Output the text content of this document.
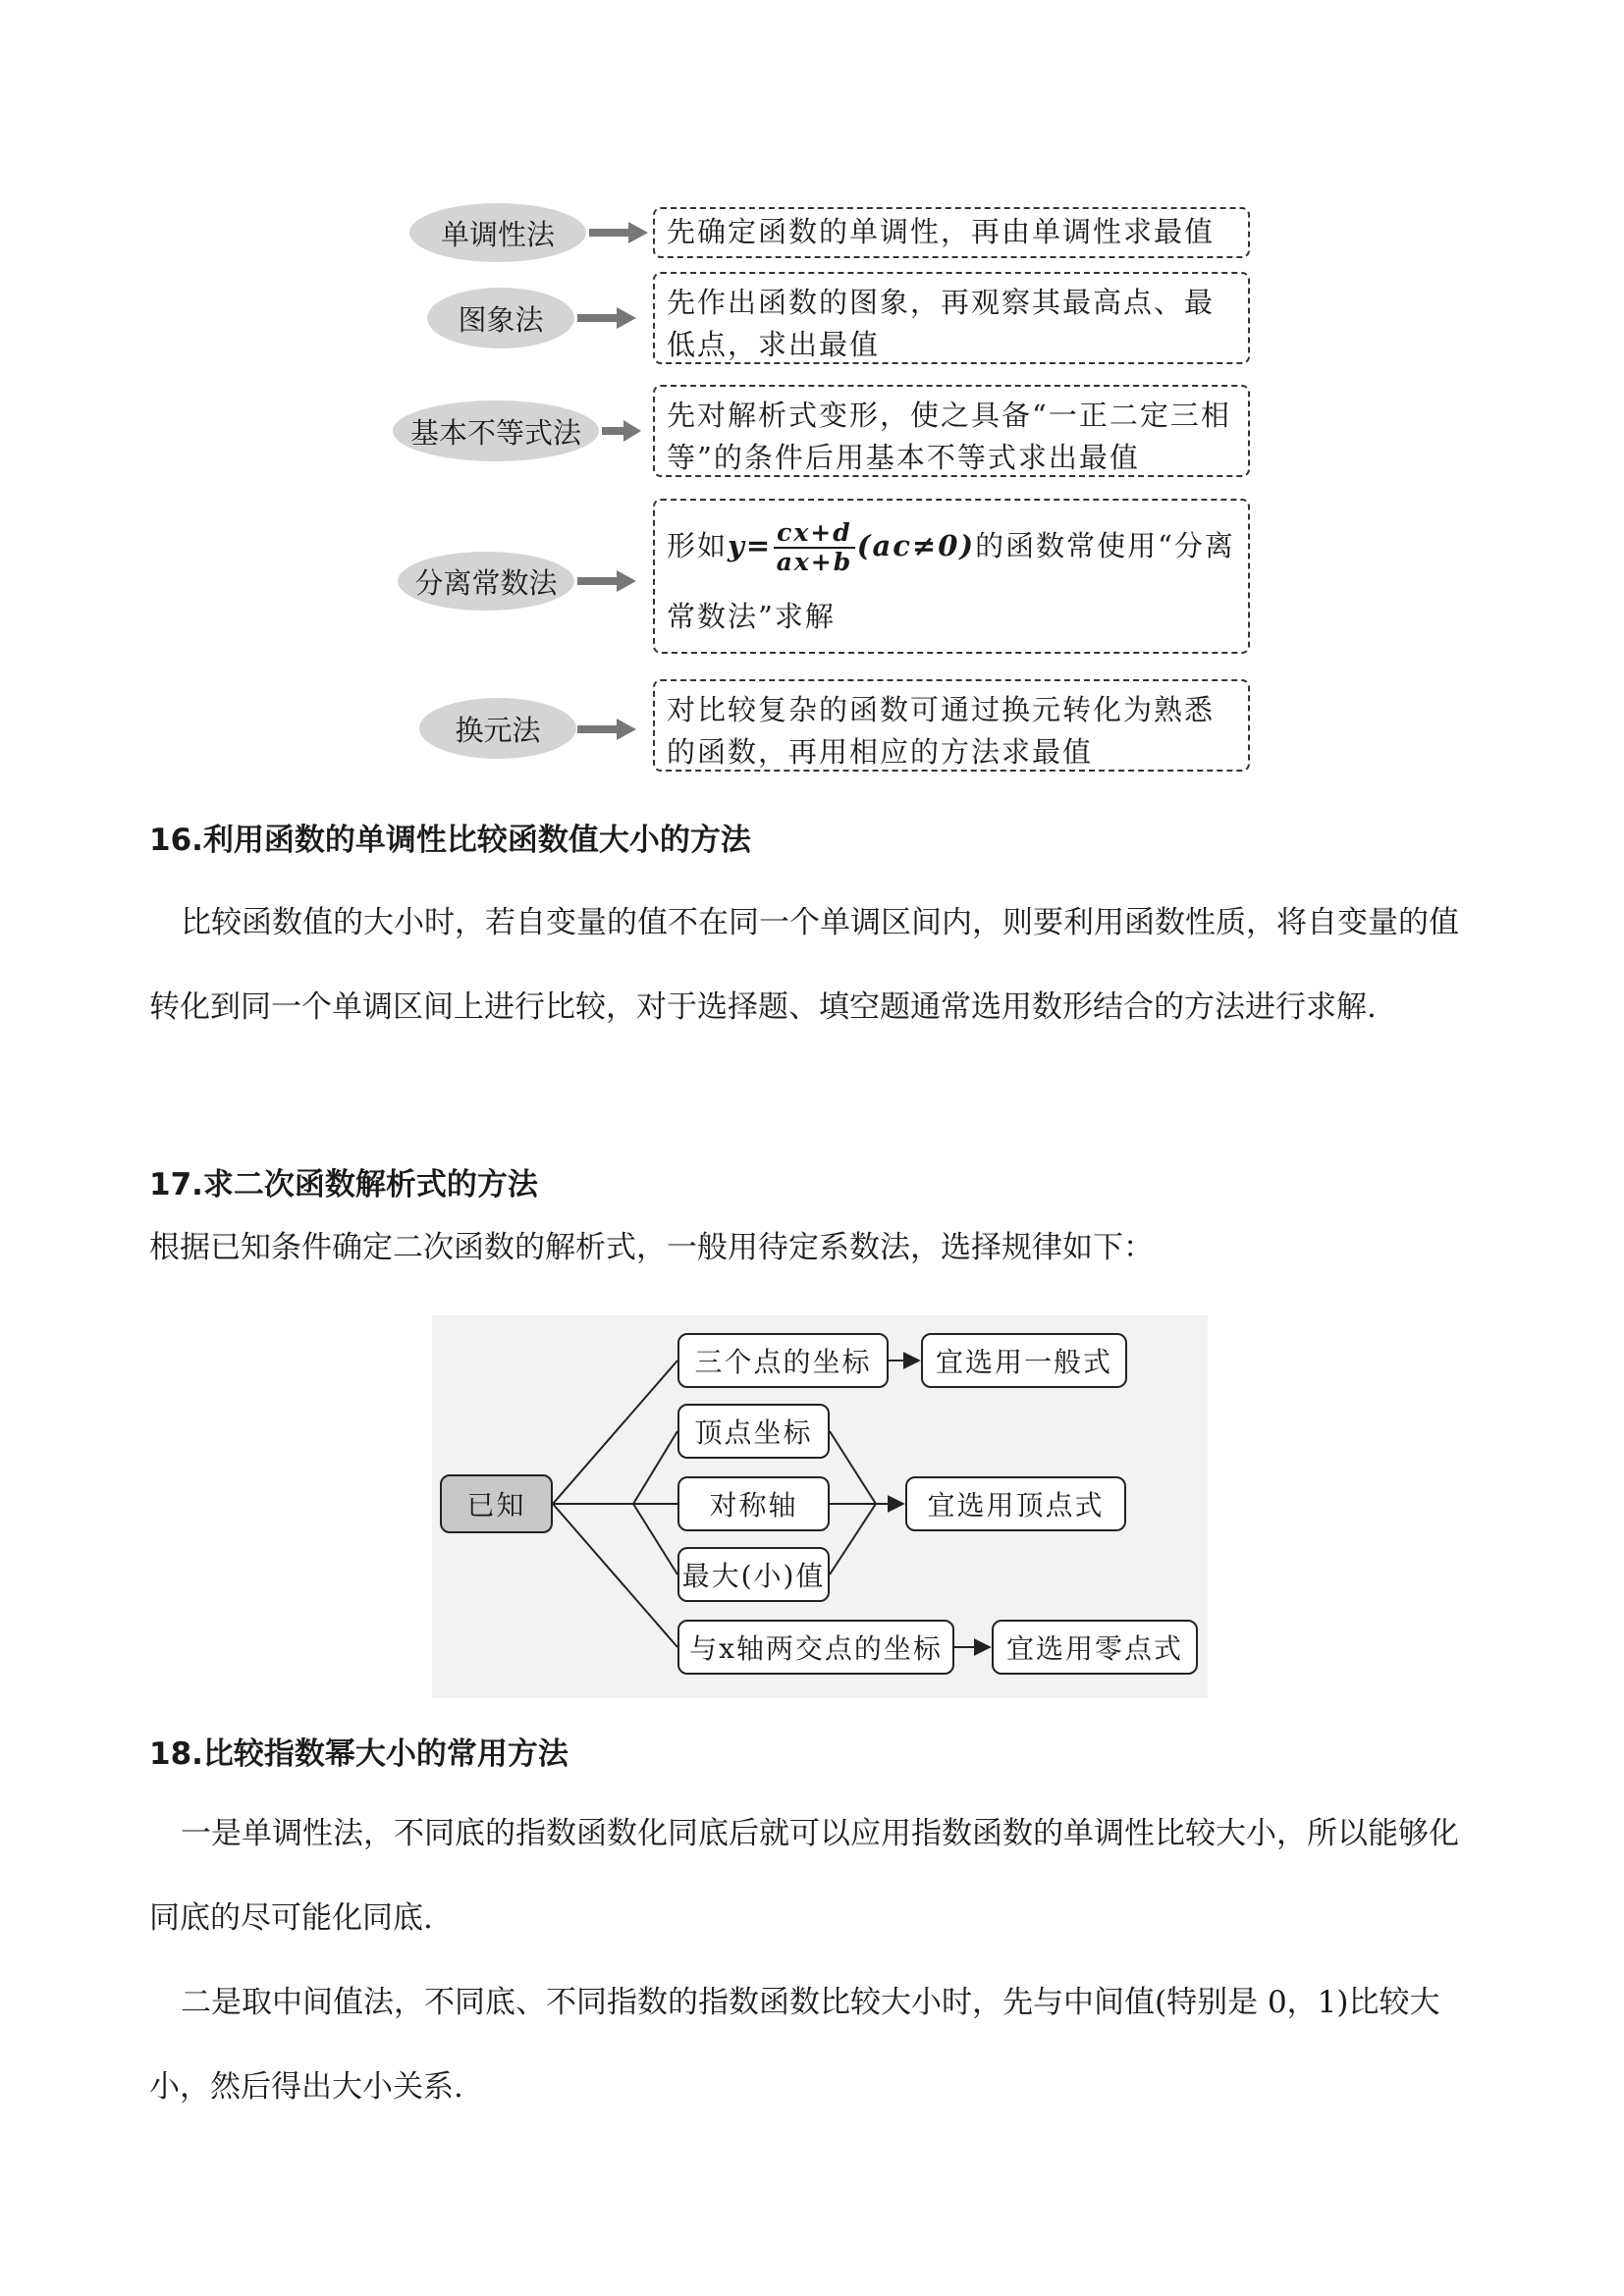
单调性法	先确定函数的单调性，再由单调性求最值
图象法
先作出函数的图象，再观察其最高点、最低点，求出最值
基本不等式法
先对解析式变形，使之具备“一正二定三相等”的条件后用基本不等式求出最值
分离常数法
形如$y= \frac{cx+d}{ax+b} (ac\ne 0)$的函数常使用“分离常数法”求解
换元法
对比较复杂的函数可通过换元转化为熟悉的函数，再用相应的方法求最值
16.利用函数的单调性比较函数值大小的方法

比较函数值的大小时，若自变量的值不在同一个单调区间内，则要利用函数性质，将自变量的值转化到同一个单调区间上进行比较，对于选择题、填空题通常选用数形结合的方法进行求解.

17.求二次函数解析式的方法

根据已知条件确定二次函数的解析式，一般用待定系数法，选择规律如下：

已知
三个点的坐标	宜选用一般式
顶点坐标
对称轴
最大(小)值
宜选用顶点式
与x轴两交点的坐标	宜选用零点式
18.比较指数幂大小的常用方法

一是单调性法，不同底的指数函数化同底后就可以应用指数函数的单调性比较大小，所以能够化同底的尽可能化同底.

二是取中间值法，不同底、不同指数的指数函数比较大小时，先与中间值(特别是 0，1)比较大小，然后得出大小关系.
